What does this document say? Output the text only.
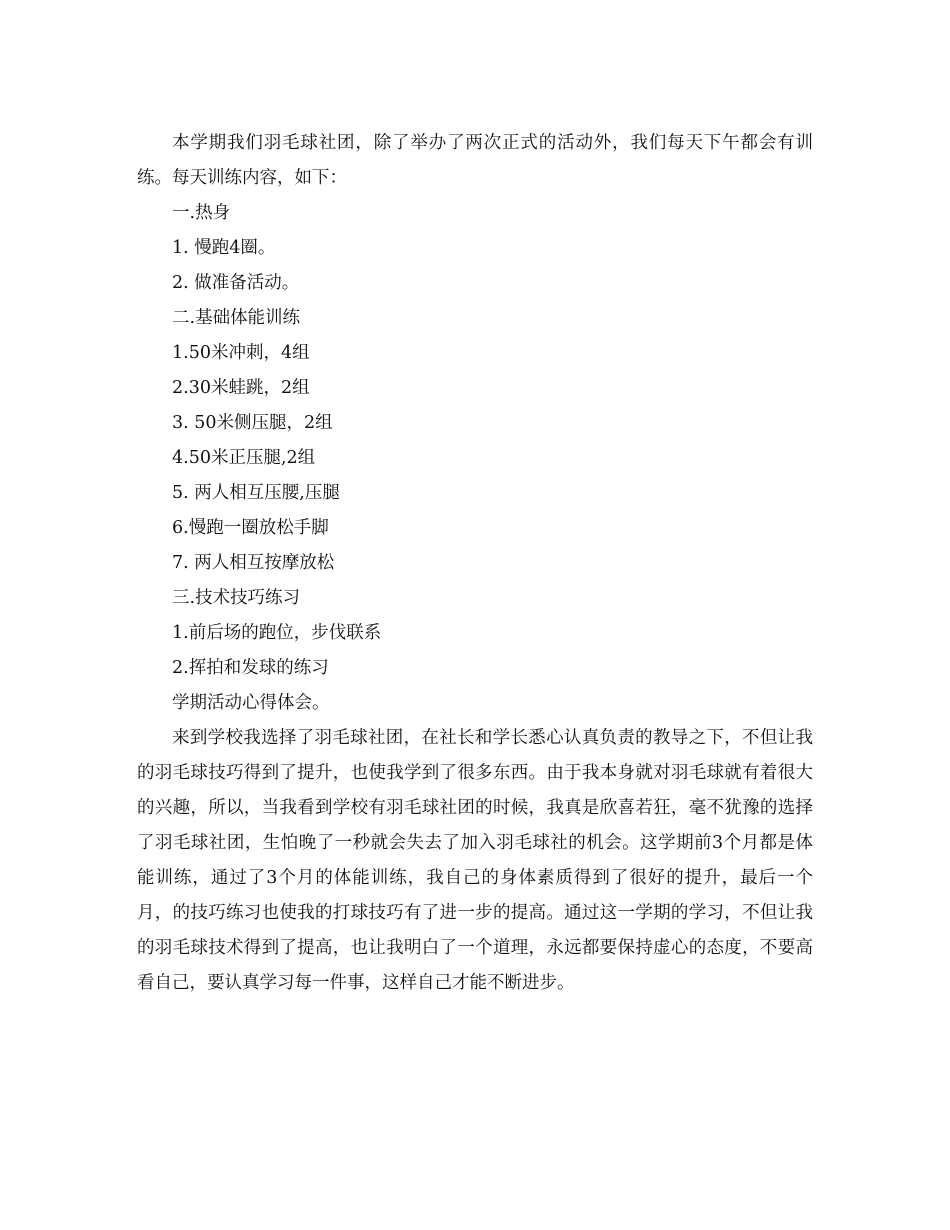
本学期我们羽毛球社团，除了举办了两次正式的活动外，我们每天下午都会有训练。每天训练内容，如下：

一.热身

1. 慢跑4圈。

2. 做准备活动。

二.基础体能训练

1.50米冲刺，4组

2.30米蛙跳，2组

3. 50米侧压腿，2组

4.50米正压腿,2组

5. 两人相互压腰,压腿

6.慢跑一圈放松手脚

7. 两人相互按摩放松

三.技术技巧练习

1.前后场的跑位，步伐联系

2.挥拍和发球的练习

学期活动心得体会。

来到学校我选择了羽毛球社团，在社长和学长悉心认真负责的教导之下，不但让我的羽毛球技巧得到了提升，也使我学到了很多东西。由于我本身就对羽毛球就有着很大的兴趣，所以，当我看到学校有羽毛球社团的时候，我真是欣喜若狂，毫不犹豫的选择了羽毛球社团，生怕晚了一秒就会失去了加入羽毛球社的机会。这学期前3个月都是体能训练，通过了3个月的体能训练，我自己的身体素质得到了很好的提升，最后一个月，的技巧练习也使我的打球技巧有了进一步的提高。通过这一学期的学习，不但让我的羽毛球技术得到了提高，也让我明白了一个道理，永远都要保持虚心的态度，不要高看自己，要认真学习每一件事，这样自己才能不断进步。
